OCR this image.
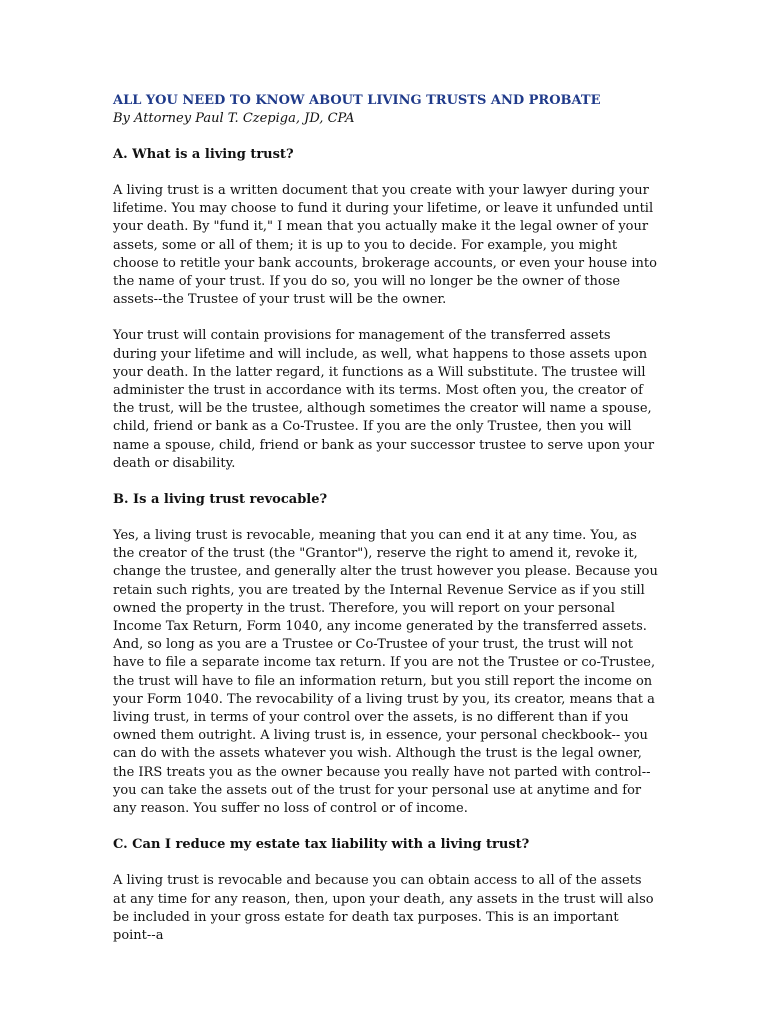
ALL YOU NEED TO KNOW ABOUT LIVING TRUSTS AND PROBATE
By Attorney Paul T. Czepiga, JD, CPA
A. What is a living trust?

A living trust is a written document that you create with your lawyer during your lifetime. You may choose to fund it during your lifetime, or leave it unfunded until your death. By "fund it," I mean that you actually make it the legal owner of your assets, some or all of them; it is up to you to decide. For example, you might choose to retitle your bank accounts, brokerage accounts, or even your house into the name of your trust. If you do so, you will no longer be the owner of those assets--the Trustee of your trust will be the owner.

Your trust will contain provisions for management of the transferred assets during your lifetime and will include, as well, what happens to those assets upon your death. In the latter regard, it functions as a Will substitute. The trustee will administer the trust in accordance with its terms. Most often you, the creator of the trust, will be the trustee, although sometimes the creator will name a spouse, child, friend or bank as a Co-Trustee. If you are the only Trustee, then you will name a spouse, child, friend or bank as your successor trustee to serve upon your death or disability.

B. Is a living trust revocable?

Yes, a living trust is revocable, meaning that you can end it at any time. You, as the creator of the trust (the "Grantor"), reserve the right to amend it, revoke it, change the trustee, and generally alter the trust however you please. Because you retain such rights, you are treated by the Internal Revenue Service as if you still owned the property in the trust. Therefore, you will report on your personal Income Tax Return, Form 1040, any income generated by the transferred assets. And, so long as you are a Trustee or Co-Trustee of your trust, the trust will not have to file a separate income tax return. If you are not the Trustee or co-Trustee, the trust will have to file an information return, but you still report the income on your Form 1040. The revocability of a living trust by you, its creator, means that a living trust, in terms of your control over the assets, is no different than if you owned them outright. A living trust is, in essence, your personal checkbook-- you can do with the assets whatever you wish. Although the trust is the legal owner, the IRS treats you as the owner because you really have not parted with control--you can take the assets out of the trust for your personal use at anytime and for any reason. You suffer no loss of control or of income.

C. Can I reduce my estate tax liability with a living trust?

A living trust is revocable and because you can obtain access to all of the assets at any time for any reason, then, upon your death, any assets in the trust will also be included in your gross estate for death tax purposes. This is an important point--a
